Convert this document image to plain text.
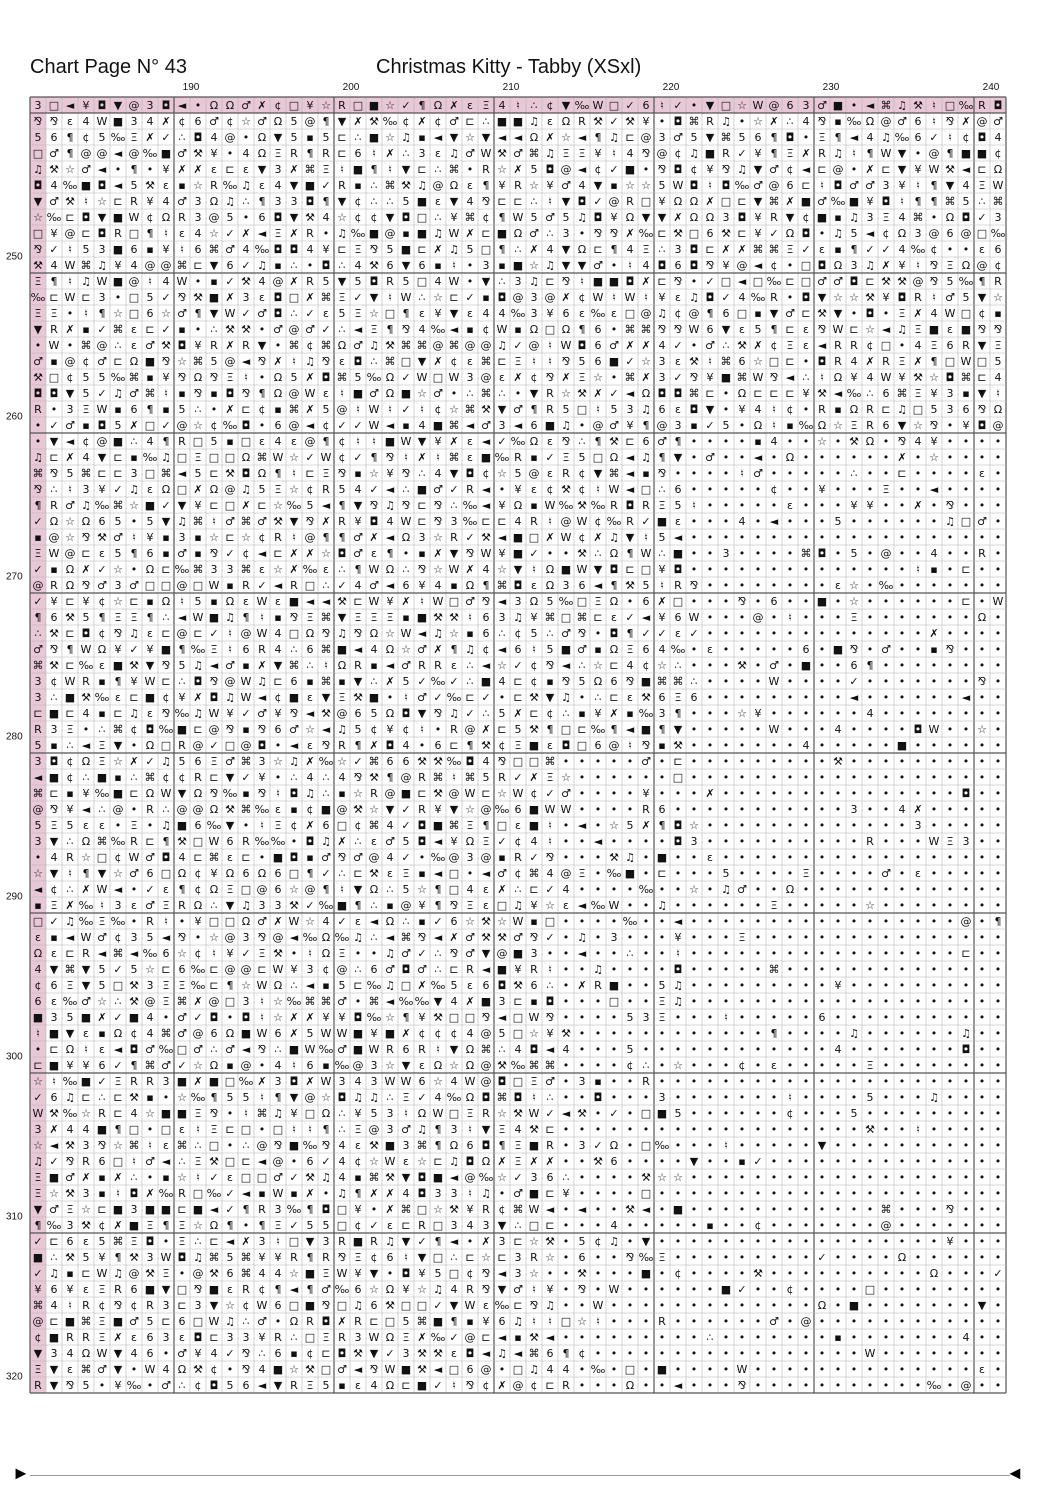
Chart Page N° 43	Christmas Kitty - Tabby (XSxl)
190	200	210	220	230	240
250
260
270
280
290
300
310
320
3 □ ◄ ¥ ◘ ▼ @ 3 ◘ ◄ • Ω Ω ♂ ✗ ¢ □ ¥ ☆ R □ ■ ☆ ✓ ¶ Ω ✗ ε Ξ 4 ♮ ∴ ¢ ▼ ‰ W □ ✓ 6 ♮ ✓ • ▼ □ ☆ W @ 6 3 ♂ ■ • ◄ ⌘ ♫ ⚒ ♮ □ ‰ R ◘
⅋ ⅋ ε 4 W ■ 3 4 ✗ ¢ 6 ♂ ¢ ☆ ♂ Ω 5 @ ¶ ▼ ✗ ⚒ ‰ ¢ ✗ ¢ ♂ ⊏ ∴ ■ ■ ♫ ε Ω R ⚒ ✓ ⚒ ¥ • ◘ ⌘ R ♫ • ☆ ✗ ∴ 4 ⅋ ▪ ‰ Ω @ ♂ 6 ♮ ⅋ ✗ @ ♂
5 6 ¶ ¢ 5 ‰ Ξ ✗ ✓ ∴ ◘ 4 @ • Ω ▼ 5 ▪ 5 ⊏ ∴ ■ ☆ ♫ ▪ ◄ ▼ ☆ ▼ ◄ ◄ Ω ✗ ☆ ◄ ¶ ♫ ⊏ @ 3 ♂ 5 ▼ ⌘ 5 6 ¶ ◘ • Ξ ¶ ◄ 4 ♫ ‰ 6 ✓ ♮ ¢ ◘ 4
□ ♂ ¶ @ @ ◄ @ ‰ ■ ♂ ⚒ ¥ • 4 Ω Ξ R ¶ R ⊏ 6 ♮ ✗ ∴ 3 ε ♫ ♂ W ⚒ ♂ ⌘ ♫ Ξ Ξ ¥ ♮ 4 ⅋ @ ¢ ♫ ■ R ✓ ¥ ¶ Ξ ✗ R ♫ ♮ ¶ W ▼ • @ ¶ ■ ■ ¢
♫ ⚒ ☆ ♂ ◄ • ¶ • ¥ ✗ ✗ ε ⊏ ε ▼ 3 ✗ ⌘ Ξ ♮ ■ ¶ ♮ ▼ ⊏ ∴ ⌘ • R ☆ ✗ 5 ◘ @ ◄ ¢ ✓ ■ • ⅋ ◘ ¢ ¥ ⅋ ♫ ▼ ♂ ¢ ◄ ⊏ @ • ✗ ⊏ ▼ ¥ W ⚒ ◄ ⊏ Ω
◘ 4 ‰ ■ ◘ ◄ 5 ⚒ ε ▪ ☆ R ‰ ♫ ε 4 ▼ ■ ✓ R ▪ ∴ ⌘ ⚒ ♫ @ Ω ε ¶ ¥ R ☆ ¥ ♂ 4 ▼ ▪ ☆ ☆ 5 W ◘ ♮ ◘ ‰ ♂ @ 6 ⊏ ♮ ◘ ♂ ♂ 3 ¥ ♮ ¶ ▼ 4 Ξ W
▼ ♂ ⚒ ♮ ☆ ⊏ R ¥ 4 ♂ 3 Ω ♫ ∴ ¶ 3 3 ◘ ¶ ▼ ¢ ∴ ∴ 5 ■ ε ▼ 4 ⅋ ⊏ ⊏ ∴ ♮ ▼ ◘ ✓ @ R □ ¥ Ω Ω ✗ □ ⊏ ▼ ⌘ ✗ ■ ♂ ‰ ■ ¥ ◘ ♮ ¶ ¶ ⌘ 5 ∴ ⌘
☆ ‰ ⊏ ◘ ▼ ■ W ¢ Ω R 3 @ 5 • 6 ◘ ▼ ⚒ 4 ☆ ¢ ¢ ▼ ◘ □ ∴ ¥ ⌘ ¢ ¶ W 5 ♂ 5 ♫ ◘ ¥ Ω ▼ ▼ ✗ Ω Ω 3 ◘ ¥ R ▼ ¢ ■ ▪ ♫ 3 Ξ 4 ⌘ • Ω ◘ ✓ 3
□ ¥ @ ⊏ ◘ R □ ¶ ♮ ε 4 ☆ ✓ ✗ ◄ Ξ ✗ R • ♫ ‰ ■ @ ▪ ■ ♫ W ✗ ⊏ ■ Ω ♂ ∴ 3 • ⅋ ⅋ ✗ ‰ ⊏ ⚒ □ 6 ⚒ ⊏ ¥ ✓ Ω ◘ • ♫ 5 ◄ ¢ Ω 3 @ 6 @ □ ‰
⅋ ✓ ♮ 5 3 ■ 6 ▪ ¥ ♮ 6 ⌘ ♂ 4 ‰ ◘ ◘ 4 ¥ ⊏ Ξ ⅋ 5 ■ ⊏ ✗ ♫ 5 □ ¶ ∴ ✗ 4 ▼ Ω ⊏ ¶ 4 Ξ ∴ 3 ◘ ⊏ ✗ ✗ ⌘ ⌘ Ξ ✓ ε ▪ ¶ ✓ ✓ 4 ‰ ¢ • • ε 6
⚒ 4 W ⌘ ♫ ¥ 4 @ @ ⌘ ⊏ ▼ 6 ✓ ♫ ▪ ∴ • ◘ ∴ 4 ⚒ 6 ▼ 6 ▪ ♮ • 3 ▪ ■ ☆ ♫ ▼ ▼ ♂ • ♮ 4 ◘ 6 ◘ ⅋ ¥ @ ◄ ¢ • □ ◘ Ω 3 ♫ ✗ ¥ ♮ ⅋ Ξ Ω @ ¢
Ξ ¶ ♮ ♫ W ■ @ ♮ 4 W • ▪ ✓ ⚒ 4 @ ✗ R 5 ▼ 5 ◘ R 5 □ 4 W • ▼ ∴ 3 ♫ ⊏ ⅋ ♮ ■ ■ ◘ ✗ ⊏ ⅋ • ✓ □ ◄ □ ‰ ⊏ □ ♂ ♂ ◘ ⊏ ⚒ ⚒ @ ⅋ 5 ‰ ¶ R
‰ ⊏ W ⊏ 3 • □ 5 ✓ ⅋ ⚒ ■ ✗ 3 ε ◘ □ ✗ ⌘ Ξ ✓ ▼ ♮ W ∴ ☆ ⊏ ✓ ▪ ◘ @ 3 @ ✗ ¢ W ♮ W ♮ ¥ ε ♫ ◘ ✓ 4 ‰ R • ◘ ▼ ☆ ☆ ⚒ ¥ ◘ R ♮ ♂ 5 ▼ ☆
Ξ Ξ • ♮ ¶ ☆ □ 6 ☆ ♂ ¶ ▼ W ✓ ♂ ◘ ∴ ✓ ε 5 Ξ ☆ □ ¶ ε ¥ ▼ ε 4 4 ‰ 3 ¥ 6 ε ‰ ε □ @ ♫ ¢ @ ¶ 6 □ ▪ ▼ ♂ ⊏ ⚒ ▼ • ◘ • Ξ ✗ 4 W □ ¢ ▪
▼ R ✗ ▪ ✓ ⌘ ε ⊏ ✓ ▪ • ∴ ⚒ ⚒ • ♂ @ ♂ ✓ ∴ ◄ Ξ ¶ ⅋ 4 ‰ ◄ ▪ ¢ W ▪ Ω □ Ω ¶ 6 • ⌘ ⌘ ⅋ ⅋ W 6 ▼ ε 5 ¶ ⊏ ε ⅋ W ⊏ ☆ ◄ ♫ Ξ ■ ε ■ ⅋ ⅋
• W • ⌘ @ ∴ ε ♂ ⚒ ◘ ¥ R ✗ R ▼ • ⌘ ¢ ⌘ Ω ♂ ♫ ⚒ ⌘ ⌘ @ ⌘ @ @ ♫ ✓ @ ♮ W ◘ 6 ♂ ✗ ✗ 4 ✓ • ♂ ∴ ⚒ ✗ ¢ Ξ ε ◄ R R ¢ □ • 4 Ξ 6 R ▼ Ξ
♂ ▪ @ ¢ ♂ ⊏ Ω ■ ⅋ ☆ ⌘ 5 @ ◄ ⅋ ✗ ♮ ♫ ⅋ ε ◘ ∴ ⌘ □ ▼ ✗ ¢ ε ⌘ ⊏ Ξ ♮ ♮ ⅋ 5 6 ■ ✓ ☆ 3 ε ⚒ ♮ ⌘ 6 ☆ □ ⊏ • ◘ R 4 ✗ R Ξ ✗ ¶ □ W □ 5
⚒ □ ¢ 5 5 ‰ ⌘ ▪ ¥ ⅋ Ω ⅋ Ξ ♮ • Ω 5 ✗ ◘ ⌘ 5 ‰ Ω ✓ W □ W 3 @ ε ✗ ¢ ⅋ ✗ Ξ ☆ • ⌘ ✗ 3 ✓ ⅋ ¥ ■ ⌘ W ⅋ ◄ ∴ ♮ Ω ¥ 4 W ¥ ⚒ ☆ ◘ ⌘ ⊏ 4
◘ ◘ ▼ 5 ✓ ♫ ♂ ⌘ ♮ ▪ ⅋ ▪ ◘ ⅋ ¶ Ω @ W ε ♮ ■ ♂ Ω ■ ☆ ♂ • ∴ ⌘ ∴ • ▼ R ☆ ⚒ ✗ ✓ ◄ Ω ◘ ◘ ⌘ ⊏ • Ω ⊏ ⊏ ⊏ ¥ ⚒ ◄ ‰ ∴ 6 ⌘ Ξ ¥ 3 ▪ ▼ ♮
R • 3 Ξ W ▪ 6 ¶ ▪ 5 ∴ • ✗ ⊏ ¢ ▪ ⌘ ✗ 5 @ ♮ W ♮ ✓ ♮ ¢ ☆ ⌘ ⚒ ▼ ♂ ¶ R 5 □ ♮ 5 3 ♫ 6 ε ◘ ▼ • ¥ 4 ♮ ¢ • R ▪ Ω R ⊏ ♫ □ 5 3 6 ⅋ Ω
• ✓ ♂ ▪ ◘ 5 ✗ □ ✓ @ ☆ ¢ ‰ ◘ • 6 @ ◄ ¢ ✓ ✓ W ◄ ▪ 4 ■ ⌘ ◄ ♂ 3 ◄ 6 ■ ♫ • @ ♂ ¥ ¶ @ 3 ▪ ✓ 5 • Ω ♮ ▪ ‰ Ω ☆ Ξ R 6 ▼ ☆ ⅋ • ¥ ◘ @
• ▼ ◄ ¢ @ ■ ∴ 4 ¶ R □ 5 ▪ □ ε 4 ε @ ¶ ¢ ♮ ♮ ■ W ▼ ¥ ✗ ε ◄ ✓ ‰ Ω ε ⅋ ∴ ¶ ⚒ ⊏ 6 ♂ ¶ • • • • ▪ 4 • • ☆ • ⚒ Ω • ⅋ 4 ¥ • • • •
♫ ⊏ ✗ 4 ▼ ⊏ ▪ ‰ ♫ □ Ξ □ □ Ω ⌘ W ☆ ✓ W ¢ ✓ ¶ ⅋ ♮ ✗ ♮ ⌘ ε ■ ‰ R ▪ ✓ Ξ 5 □ Ω ◄ ♫ ¶ ▼ • ♂ • • ◄ • Ω • • • • • • ✗ • ☆ • • • •
⌘ ⅋ 5 ⌘ ⊏ ⊏ 3 □ ⌘ ◄ 5 ⊏ ⚒ ◘ Ω ¶ ♮ ⊏ Ξ ⅋ ▪ ☆ ¥ ⅋ ∴ 4 ▼ ◘ ¢ ☆ 5 @ ε R ¢ ▼ ⌘ ◄ ▪ ⅋ • • • • ♮ ♂ • • • • • ∴ • • ⊏ • • • • ε •
⅋ ∴ ♮ 3 ¥ ✓ ♫ ε Ω □ ✗ Ω @ ♫ 5 Ξ ☆ ¢ R 5 4 ✓ ◄ ∴ ■ ♂ ✓ R ◄ • ¥ ε ¢ ⚒ ¢ ♮ W ◄ □ ∴ 6 • • • • • ¢ • • ¥ • • • Ξ • • ◄ • • • •
¶ R ♂ ♫ ‰ ⌘ ☆ ■ ✓ ▼ ¥ ⊏ □ ✗ ⊏ ☆ ‰ 5 ◄ ¶ ▼ ⅋ ♫ ⅋ ⊏ ⅋ ∴ ‰ ◄ ¥ Ω ▪ W ‰ ⚒ ‰ R ◘ R Ξ 5 ♮ • • • • • ε • • • ¥ ¥ • • ✗ • ⅋ • • •
✓ Ω ☆ Ω 6 5 • 5 ▼ ♫ ⌘ ♮ ♂ ⌘ ♂ ⚒ ▼ ⅋ ✗ R ¥ ◘ 4 W ⊏ ⅋ 3 ‰ ⊏ ⊏ 4 R ♮ @ W ¢ ‰ R ✓ ■ ε • • • 4 • ◄ • • • 5 • • • • • • ♫ □ ♂ •
▪ @ ☆ ⅋ ⚒ ♂ ♮ ¥ ▪ 3 ▪ ☆ ⊏ ☆ ¢ R ♮ @ ¶ ¶ ♂ ✗ ◄ Ω 3 ☆ R ✓ ⚒ ◄ ■ □ ✗ W ¢ ✗ ♫ ▼ ♮ 5 ◄ • • • • • • • • • • • • • • • • • • • •
Ξ W @ ⊏ ε 5 ¶ 6 ▪ ♂ ▪ ⅋ ✓ ¢ ◄ ⊏ ✗ ✗ ☆ ◘ ♂ ε ¶ • ▪ ✗ ▼ ⅋ W ¥ ■ ✓ • • ⚒ ∴ Ω ¶ W ∴ ■ • • 3 • • • • ⌘ ◘ • 5 • @ • • 4 • • R •
✓ ▪ Ω ✗ ✓ ☆ • Ω ⊏ ‰ ⌘ 3 3 ⌘ ε ☆ ✗ ‰ ε ∴ ¶ W Ω ∴ ⅋ ☆ W ✗ 4 ☆ ▼ ♮ Ω ■ W ▼ ◘ ⊏ □ ¥ ◘ • • • • • • • • • • • • • • ♮ ▪ • ⊏ • •
@ R Ω ⅋ ♂ 3 ♂ □ □ @ □ W ▪ R ✓ ◄ R □ ∴ ✓ 4 ♂ ◄ 6 ¥ 4 ▪ Ω ¶ ⌘ ◘ ε Ω 3 6 ◄ ¶ ⚒ 5 ♮ R ⅋ • • • • • • • • ε ☆ • ‰ • • • • • • •
✓ ¥ ⊏ ¥ ¢ ☆ ⊏ ▪ Ω ♮ 5 ▪ Ω ε W ε ■ ◄ ◄ ⚒ ⊏ W ¥ ✗ ♮ W □ ♂ ⅋ ◄ 3 Ω 5 ‰ □ Ξ Ω • 6 ✗ □ • • • ⅋ • 6 • • ■ • ☆ • • • • • • ⊏ • W
¶ 6 ⚒ 5 ¶ Ξ Ξ ¶ ∴ ◄ W ■ ♫ ¶ ♮ ▪ ⅋ Ξ ⌘ ▼ Ξ Ξ Ξ ▪ ■ ⚒ ⚒ ♮ 6 3 ♫ ¥ ⌘ □ ⌘ ⊏ ε ✓ ◄ ¥ 6 W • • • @ • ♮ • • • Ξ • • • • • • • Ω •
∴ ⚒ ⊏ ◘ ¢ ⅋ ♫ ε ⊏ @ ⊏ ✓ ♮ @ W 4 □ Ω ⅋ ♫ ⅋ Ω ☆ W ◄ ♫ ☆ ▪ 6 ∴ ¢ 5 ∴ ♂ ⅋ • ◘ ¶ ✓ ✓ ε ✓ • • • • • • • • • • • • • • ✗ • • • •
♂ ⅋ ¶ W Ω ¥ ✓ ¥ ■ ¶ ‰ Ξ ♮ 6 R 4 ∴ 6 ⌘ ■ ◄ 4 Ω ☆ ♂ ✗ ¶ ♫ ¢ ◄ 6 ♮ 5 ■ ♂ ▪ Ω Ξ 6 4 ‰ • ε • • • • • 6 • ■ ⅋ • ♂ • • ▪ ⅋ • • •
⌘ ⚒ ⊏ ‰ ε ■ ⚒ ▼ ⅋ 5 ♫ ◄ ♂ ▪ ✗ ▼ ⌘ ∴ ♮ Ω R ▪ ◄ ♂ R R ε ∴ ◄ ☆ ✓ ¢ ⅋ ◄ ∴ ☆ ⊏ 4 ¢ ☆ ∴ • • • ⚒ • ♂ • ■ • • 6 ¶ • • • • • • • •
3 ¢ W R ▪ ¶ ¥ W ⊏ ∴ ◘ ⅋ @ W ♫ ⊏ 6 ▪ ⌘ ▪ ▼ ∴ ✗ 5 ✓ ‰ ✓ ∴ ■ 4 ⊏ ¢ ▪ ⅋ 5 Ω 6 ⅋ ■ ⌘ ⌘ ∴ • • • • W • • • • ✓ • • • • • • • ⅋ •
3 ∴ ■ ⚒ ‰ ε ⊏ ■ ¢ ¥ ✗ ◘ ♫ W ◄ ¢ ■ ε ▼ Ξ ⚒ ■ • ♮ ♂ ✓ ‰ ⊏ ✓ • ⊏ ⚒ ▼ ♫ • ∴ ⊏ ε ⚒ 6 Ξ 6 • • • • • • • • • ◄ • • • • • • ◄ • •
⊏ ■ ⊏ 4 ▪ ⊏ ♫ ε ⅋ ‰ ♫ W ¥ ✓ ♂ ¥ ⅋ ◄ ⚒ @ 6 5 Ω ◘ ▼ ⅋ ♫ ✓ ∴ 5 ✗ ⊏ ¢ ∴ ▪ ¥ ✗ ▪ ‰ 3 ¶ • • • ☆ ¥ • • • • • • 4 • • • • • • • •
R 3 Ξ • ∴ ⌘ ¢ ◘ ‰ ■ ⊏ @ ⅋ ▪ ⅋ 6 ♂ ☆ ◄ ♫ 5 ¢ ¥ ¢ ♮ • R @ ✗ ⊏ 5 ⚒ ¶ □ ⊏ ‰ ¶ ◄ ■ ¶ ▼ • • • • • W • • • 4 • • • • ◘ W • • ☆ •
5 ▪ ∴ ◄ Ξ ▼ • Ω □ R @ ✓ □ @ ◘ • ◄ ε ⅋ R ¶ ✗ ◘ 4 • 6 ⊏ ¶ ⚒ ¢ Ξ ■ ε ◘ □ 6 @ ♮ ⅋ ▪ ⚒ • • • • • • • 4 • • • • • ■ • • • • • •
3 ◘ ¢ Ω Ξ ☆ ✗ ✓ ♫ 5 6 Ξ ♂ ⌘ 3 ☆ ♫ ✗ ‰ ☆ ✓ ⌘ 6 6 ⚒ ⚒ ‰ ◘ 4 ⅋ □ □ ⌘ • • • • • ♂ • ⊏ • • • • • • • • • ⚒ • • • • • • • • • •
◄ ■ ¢ ∴ ■ ▪ ∴ ⌘ ¢ ¢ R ⊏ ▼ ✓ ¥ • ∴ 4 ∴ 4 ⅋ ⚒ ¶ @ R ⌘ ♮ ⌘ 5 R ✓ ✗ Ξ ☆ • • • • • • □ • • • • • • • • • • • • • • • • • • • •
⌘ ⊏ ▪ ¥ ‰ ■ ⊏ Ω W ▼ Ω ⅋ ‰ ▪ ⅋ ♮ ◘ ♫ ∴ ▪ ☆ R @ ■ ⊏ ⚒ @ W ⊏ ☆ W ¢ ✓ ♂ • • • • ¥ • • • ✗ • • • • • • • • • • • • • • • ◘ • •
@ ⅋ ¥ ◄ ∴ @ • R ∴ @ @ Ω ⚒ ⌘ ‰ ε ▪ ¢ ■ @ ⚒ ☆ ▼ ✓ R ¥ ▼ ☆ @ ‰ 6 ■ W W • • • • R 6 • • • • • • • • • • • 3 • • 4 ✗ • • • • •
5 Ξ 5 ε ε • Ξ • ♫ ■ 6 ‰ ▼ • ♮ Ξ ¢ ✗ 6 □ ¢ ⌘ 4 ✓ ◘ ■ ⌘ Ξ ¶ □ ε ■ ♮ • ◄ • ☆ 5 ✗ ¶ ◘ ☆ • • • • • • • • • • • • • 3 • • • • •
3 ▼ ∴ Ω ⌘ ‰ R ⊏ ¶ ⚒ □ W 6 R ‰ ‰ • ◘ ♫ ✗ ∴ ε ♂ 5 ◘ ◄ ¥ Ω Ξ ✓ ¢ 4 ♮ • • ◄ • • • • ◘ 3 • • • • • • • • • • R • • • W Ξ 3 • •
• 4 R ☆ □ ¢ W ♂ ◘ 4 ⊏ ⌘ ε ⊏ • ■ ◘ ▪ ♂ ⅋ ♂ @ 4 ✓ • ‰ @ 3 @ ▪ R ✓ ⅋ • • • ⚒ ♫ • ■ • • ε • • • • • • • • • • • • • • • • • •
☆ ▼ ♮ ¶ ▼ ☆ ♂ 6 □ Ω ¢ ¥ Ω 6 Ω 6 □ ¶ ✓ ∴ ⊏ ⚒ ε Ξ ▪ ◄ □ • ◄ ♂ ¢ ⌘ 4 @ Ξ • ‰ ■ • ⊏ • • • 5 • • • • Ξ • • • • ♂ • ε • • • • •
◄ ¢ ∴ ✗ W ◄ • ✓ ε ¶ ¢ Ω Ξ □ @ 6 ☆ @ ¶ ♮ ▼ Ω ∴ 5 ☆ ¶ □ 4 ε ✗ ∴ ⊏ ✓ 4 • • • • ‰ • • ☆ • ♫ ♂ • • Ω • • • • • • • • • • • • •
▪ Ξ ✗ ‰ ♮ 3 ε ♂ Ξ R Ω ∴ ▼ ♫ 3 3 ⚒ ✓ ‰ ■ ¶ ∴ ▪ @ ¥ ¶ ⅋ Ξ ε □ ♫ ¥ ☆ ε ◄ ‰ W • • ♫ • • • • • • Ξ • • • • • ☆ • • • • • • • •
□ ✓ ♫ ‰ Ξ ‰ • R ♮ • ¥ □ □ Ω ♂ ✗ W ☆ 4 ✓ ε ◄ Ω ∴ ▪ ✓ 6 ☆ ⚒ ☆ W ▪ □ • • • • ‰ • • ◄ • • • • • • • • • • • • • • • • • @ • ¶
ε ▪ ◄ W ♂ ¢ 3 5 ◄ ⅋ • ☆ @ 3 ⅋ @ ◄ ‰ Ω ‰ ♫ ∴ ◄ ⌘ ⅋ ◄ ✗ ♂ ⚒ ⚒ ♂ ⅋ ✓ • ♫ • 3 • • • ¥ • • • Ξ • • • • • • • • • • • • • • • •
Ω ε ⊏ R ◄ ⌘ ◄ ‰ 6 ☆ ¢ ♮ ¥ ✓ Ξ ⚒ • ♮ Ω Ξ • • ♫ ♂ ✓ ∴ ⅋ ♂ ▼ @ ■ 3 • • ◄ • • ∴ • • ♮ • • • • • • • • • • • • • • • • • ⊏ • •
4 ▼ ⌘ ▼ 5 ✓ 5 ☆ ⊏ 6 ‰ ⊏ @ @ ⊏ W ¥ 3 ¢ @ ∴ 6 ♂ ◘ ♂ ∴ ⊏ R ◄ ■ ¥ R ♮ • • ♫ • • • • ◘ • • • • • ⌘ • • • • • • • • • • • • • •
¢ 6 Ξ ▼ 5 □ ⚒ 3 Ξ Ξ ‰ ⊏ ¶ ☆ W Ω ∴ ◄ ▪ 5 ⊏ ‰ ♫ □ ✗ ‰ 5 ε 6 ◘ ⚒ 6 ∴ • ✗ R ■ • • 5 ♫ • • • • • • • • • ¥ • • • • • • • • • •
6 ε ‰ ♂ ☆ ∴ ⚒ @ Ξ ⌘ ✗ @ □ 3 ♮ ☆ ‰ ⌘ ⌘ ♂ • ⌘ ◄ ‰ ‰ ▼ 4 ✗ ■ 3 ⊏ ▪ ◘ • • • □ • • Ξ ♫ • • • • • • • • • • • • • • • • • • • •
■ 3 5 ■ ✗ ✓ ■ 4 • ♂ ✓ ◘ • ◘ ♮ ☆ ✗ ✗ ¥ ¥ ◘ ‰ ☆ ¶ ¥ ⚒ □ □ ⅋ ◄ □ W ⅋ • • • • 5 3 Ξ • • • ♮ • • • • • 6 • • • • • • • • • • •
♮ ■ ▼ ε ▪ Ω ¢ 4 ⌘ ♂ @ 6 Ω ■ W 6 ✗ 5 W W ■ ¥ ■ ✗ ¢ ¢ ¢ 4 @ 5 □ ☆ ¥ ⚒ • • • • • • • • • • • • ¶ • • • • ♫ • • • • • • ♫ • •
• ⊏ Ω ♮ ε ◄ ◘ ♂ ‰ □ ♂ ∴ ♂ ◄ ⅋ ∴ ■ W ‰ ♂ ■ W R 6 R ♮ ▼ Ω ⌘ ∴ 4 ◘ ◄ 4 • • • 5 • • • • • • • • • • • • 4 • • • • • • • ◘ • •
⊏ ■ ¥ ¥ 6 ✓ ¶ ⌘ ♂ ✓ ☆ Ω ▪ @ • 4 ♮ 6 ▪ ‰ @ 3 ☆ ▼ ε Ω ☆ Ω @ ⚒ ‰ ⌘ ⌘ • • • • ¢ ∴ • ☆ • • • ¢ • ε • • • • • Ξ • • • • • • • •
☆ ♮ ‰ ■ ✓ Ξ R R 3 ■ ✗ ■ □ ‰ ✗ 3 ◘ ✗ W 3 4 3 W W 6 ☆ 4 W @ ◘ □ Ξ ♂ • 3 ▪ • • R • • • • • • • • • • • • • • • • • • • • • •
✓ 6 ♫ ⊏ ∴ ⊏ ⚒ ▪ • ☆ ‰ ¶ 5 5 ♮ ¶ ▼ @ ☆ ◘ ♫ ♫ ∴ Ξ ✓ 4 ‰ Ω ◘ ⌘ ◘ ♮ ∴ • • ◘ • • • 3 • • • • • • • ♮ • • • • 5 • • • ♫ • • • •
W ⚒ ‰ ☆ R ⊏ 4 ☆ ■ ■ Ξ ⅋ • ♮ ⌘ ♫ ¥ □ Ω ∴ ¥ 5 3 ♮ Ω W □ Ξ R ☆ ⚒ W ✓ ◄ ⚒ • ✓ • □ ■ 5 • • • • • • ¢ • • • 5 • • • • • • • • •
3 ✗ 4 4 ■ ¶ □ • □ ε ♮ Ξ ⊏ □ • □ ♮ ♮ ¶ ∴ Ξ @ 3 ♂ ♫ ¶ 3 ♮ ▼ Ξ 4 ⚒ ⊏ • • • • • • • • • • • • • • • • • • • ⚒ • • ♮ • • • • •
☆ ◄ ⚒ 3 ⅋ ☆ ⌘ ♮ ε ⌘ ∴ □ • ∴ @ ⅋ ■ ‰ ⅋ 4 ε ⚒ ■ 3 ⌘ ¶ Ω 6 ◘ ¶ Ξ ■ R • 3 ✓ Ω • □ ‰ • • • ♮ • • • • • ▼ • • • • • • • • • • •
♫ ✓ ⅋ R 6 □ ♮ ♂ ◄ ∴ Ξ ⚒ □ ⊏ ◄ @ • 6 ✓ 4 ¢ ☆ W ε ☆ ⊏ ♫ ◘ Ω ✗ Ξ ✗ ✗ • • ⚒ 6 • • • • ▼ • • ▪ ✓ • • • • • • • • • • • • • • •
Ξ ■ ♂ ✗ ▪ ✗ ∴ • ▪ ☆ ♮ ✓ ε □ □ ♂ ✓ ⚒ ♫ 4 ▪ ⌘ ⚒ ▼ ◘ ■ ◄ @ ‰ ☆ ✓ 3 6 ∴ • • • • ⚒ ☆ ☆ • • • • • • • • • • • • • • • • • • • •
Ξ ☆ ⚒ 3 ▪ ♮ ◘ ✗ ‰ R □ ‰ ✓ ◄ ▪ W ▪ ✗ • ♫ ¶ ✗ ✗ 4 ◘ 3 3 ♮ ♫ • ♂ ■ ⊏ ¥ • • • • □ • • • • • • • • • • • • • • • • • • • • • •
▼ ♂ Ξ ☆ ⊏ ■ 3 ■ ■ ⊏ ■ ◄ ✓ ¶ R 3 ‰ ¶ ◘ □ ¥ • ✗ ⌘ □ ☆ ⚒ ¥ R ¢ ⌘ W ◄ • ◄ • • ⚒ ◄ • ■ • • • • • • • • • • • • ⌘ • • • ⅋ • • •
¶ ‰ 3 ⚒ ¢ ✗ ■ Ξ ¶ Ξ ☆ Ω ¶ • ¶ Ξ ✓ 5 5 □ ¢ ✓ ε ⊏ R □ 3 4 3 ▼ ∴ □ ⊏ • • • 4 • • • • • ▪ • • ¢ • • • • • • • @ • • • • • • •
✓ ⊏ 6 ε 5 ⌘ Ξ ◘ • Ξ ∴ ⊏ ◄ ✗ 3 ♮ □ ▼ 3 R ■ R ♫ ▼ ✓ ¶ ◄ • ✗ 3 ⊏ ☆ ⚒ • 5 ¢ ♫ • ▼ • • • • • • • • • • • • • • • • • • ¥ • • •
■ ∴ ⚒ 5 ¥ ¶ ⚒ 3 W ◘ ♫ ⌘ 5 ⌘ ¥ ¥ R ¶ R ⅋ Ξ ¢ 6 ♮ ▼ □ ∴ ⊏ ☆ ⊏ 3 R ☆ • 6 • • ⅋ ‰ Ξ • • • • • • • • • ✓ • • • • Ω • • • • • •
✓ ♫ ▪ ⊏ W ♫ @ ⚒ Ξ • @ ⚒ 6 ⌘ 4 4 ☆ ■ Ξ W ¥ ▼ • ◘ ¥ 5 □ ¢ ⅋ ◄ 3 ☆ • • ⚒ • • • ■ • ¢ • • • • ⚒ • • • • • • • • • • Ω • • • ✓
¥ 6 ¥ ε Ξ R 6 ■ ▼ □ ⅋ ■ ε R ¢ ¶ ◄ ¶ ♂ ‰ 6 ☆ Ω ¥ ☆ ♫ 4 R ⅋ ▼ ♂ ♮ ¥ • ⅋ • W • • • • • • ■ ✓ • • ¢ • • • • □ • • • • • • • •
⌘ 4 ♮ R ¢ ⅋ ¢ R 3 ⊏ 3 ▼ ☆ ¢ W 6 □ ■ ⅋ □ ♫ 6 ⚒ □ □ ✓ ▼ W ε ‰ ⊏ ⅋ ♫ • • W • • • • • • • • • • • • • Ω • ■ • • • • • • • ▼ •
@ ⊏ ■ ⌘ Ξ ■ ♂ 5 ⊏ 6 □ W ♫ ∴ ♂ • Ω R ◘ ✗ R ⊏ □ 5 ⌘ ■ ¶ ▪ ¥ 6 ♫ ♮ ♮ □ ☆ ♮ • • • R • • • • • • ♂ • @ • • • • • • • • • • • •
¢ ■ R R Ξ ✗ ε 6 3 ε ◘ ⊏ 3 3 ¥ R ∴ □ Ξ R 3 W Ω Ξ ✗ ‰ ✓ @ ⊏ ◄ ▪ ⚒ ◄ • • • • • • • • • ∴ • • • • • • • ▪ • • • • • • • 4 • •
▼ 3 4 Ω W ▼ 4 6 • ♂ ¥ 4 ✓ ⅋ ∴ 6 ▪ ¢ ⊏ ◘ ⚒ ▼ ✓ 3 ⚒ ⚒ ε ◘ ◄ ♫ ◄ ⌘ 6 ¶ ¢ • • • • • • • • • • • • • • • • • W • • • • • • • •
Ξ ▼ ε ⌘ ♂ ▼ • W 4 Ω ⚒ ¢ • ⅋ 4 ■ ☆ ⚒ □ ♂ ◄ ⅋ W ■ ⚒ ◄ □ 6 @ • □ ♫ 4 4 • ‰ • □ • ■ • • • • W • • • • • • • • • • • • • • ε •
R ▼ ⅋ 5 • ¥ ‰ • ♂ ∴ ¢ ◘ 5 6 ◄ ▼ R Ξ 5 ▪ ε 4 Ω ⊏ ■ ✓ ♮ ⅋ ¢ ✗ @ ¢ ⊏ R • • • Ω • • ◄ • • • ⅋ • • • • • • • • • • • ‰ • @ • •
►	◄
